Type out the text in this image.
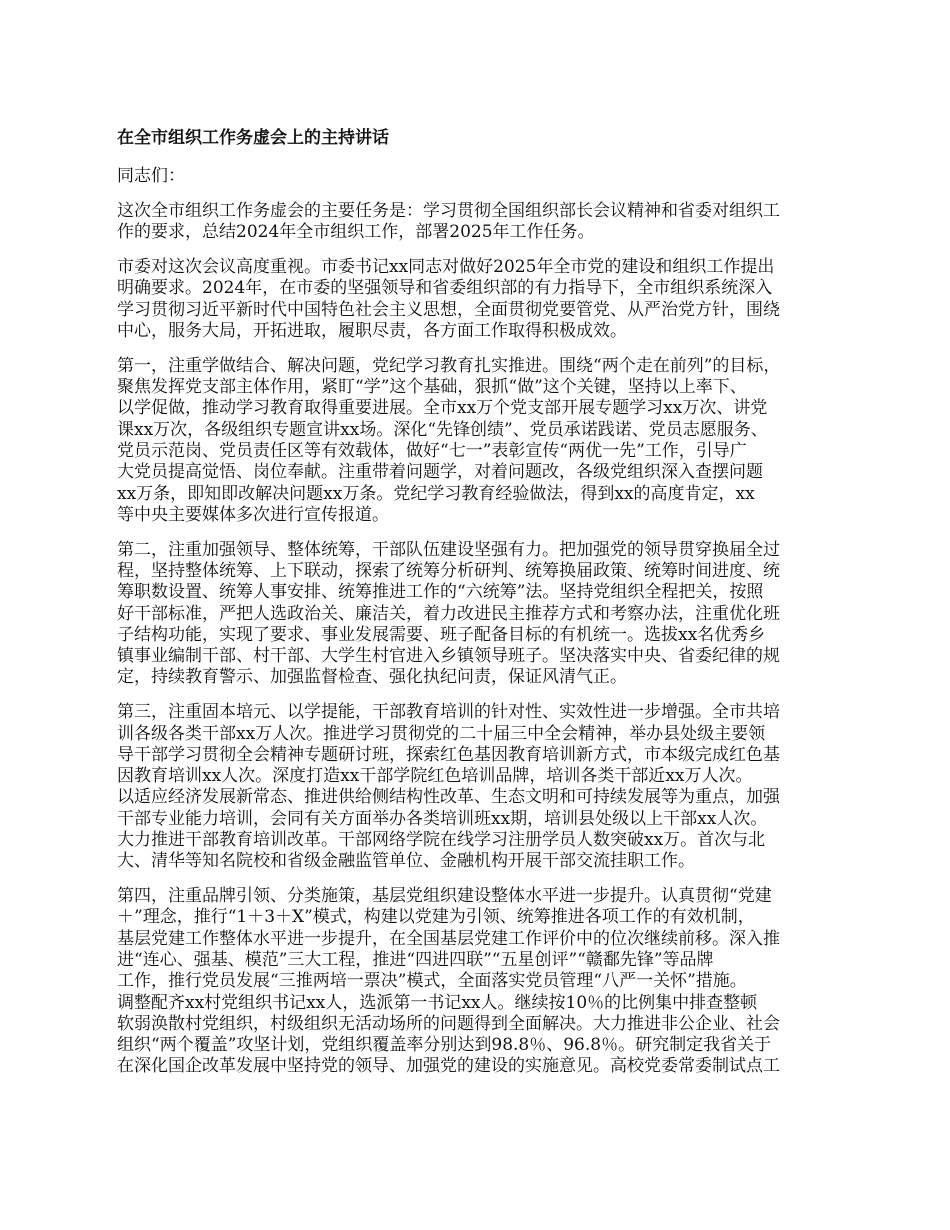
在全市组织工作务虚会上的主持讲话
同志们：
这次全市组织工作务虚会的主要任务是：学习贯彻全国组织部长会议精神和省委对组织工
作的要求，总结2024年全市组织工作，部署2025年工作任务。
市委对这次会议高度重视。市委书记xx同志对做好2025年全市党的建设和组织工作提出
明确要求。2024年，在市委的坚强领导和省委组织部的有力指导下，全市组织系统深入
学习贯彻习近平新时代中国特色社会主义思想，全面贯彻党要管党、从严治党方针，围绕
中心，服务大局，开拓进取，履职尽责，各方面工作取得积极成效。
第一，注重学做结合、解决问题，党纪学习教育扎实推进。围绕“两个走在前列”的目标，
聚焦发挥党支部主体作用，紧盯“学”这个基础，狠抓“做”这个关键，坚持以上率下、
以学促做，推动学习教育取得重要进展。全市xx万个党支部开展专题学习xx万次、讲党
课xx万次，各级组织专题宣讲xx场。深化“先锋创绩”、党员承诺践诺、党员志愿服务、
党员示范岗、党员责任区等有效载体，做好“七一”表彰宣传“两优一先”工作，引导广
大党员提高觉悟、岗位奉献。注重带着问题学，对着问题改，各级党组织深入查摆问题
xx万条，即知即改解决问题xx万条。党纪学习教育经验做法，得到xx的高度肯定，xx
等中央主要媒体多次进行宣传报道。
第二，注重加强领导、整体统筹，干部队伍建设坚强有力。把加强党的领导贯穿换届全过
程，坚持整体统筹、上下联动，探索了统筹分析研判、统筹换届政策、统筹时间进度、统
筹职数设置、统筹人事安排、统筹推进工作的“六统筹”法。坚持党组织全程把关，按照
好干部标准，严把人选政治关、廉洁关，着力改进民主推荐方式和考察办法，注重优化班
子结构功能，实现了要求、事业发展需要、班子配备目标的有机统一。选拔xx名优秀乡
镇事业编制干部、村干部、大学生村官进入乡镇领导班子。坚决落实中央、省委纪律的规
定，持续教育警示、加强监督检查、强化执纪问责，保证风清气正。
第三，注重固本培元、以学提能，干部教育培训的针对性、实效性进一步增强。全市共培
训各级各类干部xx万人次。推进学习贯彻党的二十届三中全会精神，举办县处级主要领
导干部学习贯彻全会精神专题研讨班，探索红色基因教育培训新方式，市本级完成红色基
因教育培训xx人次。深度打造xx干部学院红色培训品牌，培训各类干部近xx万人次。
以适应经济发展新常态、推进供给侧结构性改革、生态文明和可持续发展等为重点，加强
干部专业能力培训，会同有关方面举办各类培训班xx期，培训县处级以上干部xx人次。
大力推进干部教育培训改革。干部网络学院在线学习注册学员人数突破xx万。首次与北
大、清华等知名院校和省级金融监管单位、金融机构开展干部交流挂职工作。
第四，注重品牌引领、分类施策，基层党组织建设整体水平进一步提升。认真贯彻“党建
＋”理念，推行“1＋3＋X”模式，构建以党建为引领、统筹推进各项工作的有效机制，
基层党建工作整体水平进一步提升，在全国基层党建工作评价中的位次继续前移。深入推
进“连心、强基、模范”三大工程，推进“四进四联”“五星创评”“赣鄱先锋”等品牌
工作，推行党员发展“三推两培一票决”模式，全面落实党员管理“八严一关怀”措施。
调整配齐xx村党组织书记xx人，选派第一书记xx人。继续按10％的比例集中排查整顿
软弱涣散村党组织，村级组织无活动场所的问题得到全面解决。大力推进非公企业、社会
组织“两个覆盖”攻坚计划，党组织覆盖率分别达到98.8％、96.8％。研究制定我省关于
在深化国企改革发展中坚持党的领导、加强党的建设的实施意见。高校党委常委制试点工
